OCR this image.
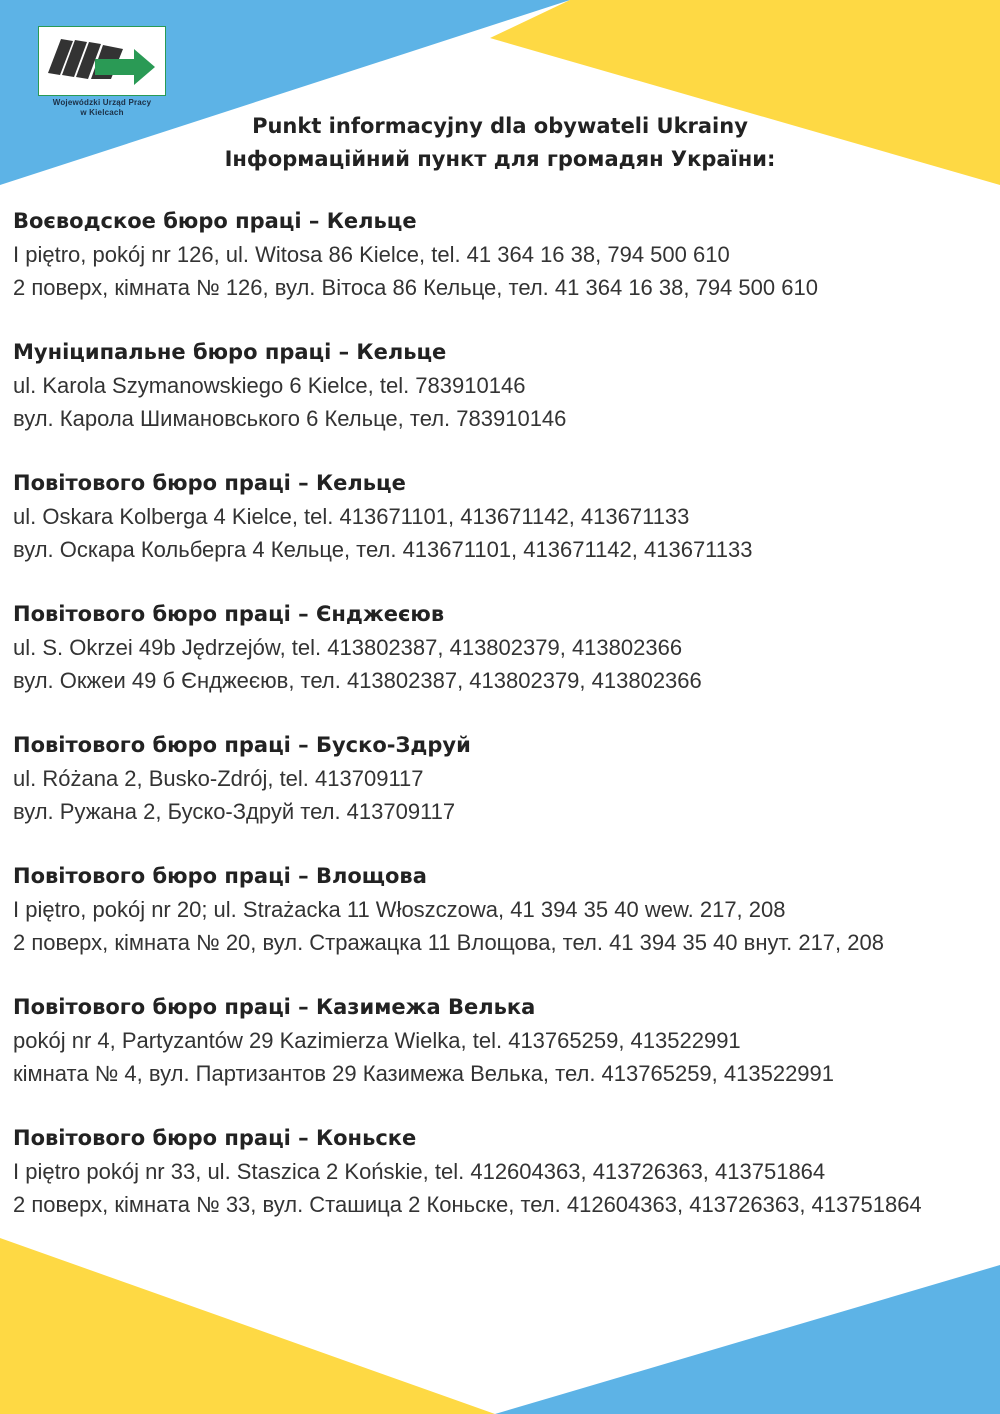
Wojewódzki Urząd Pracy
w Kielcach
Punkt informacyjny dla obywateli Ukrainy
Інформаційний пункт для громадян України:
Воєводское бюро праці – Кельце
I piętro, pokój nr 126, ul. Witosa 86 Kielce, tel. 41 364 16 38, 794 500 610
2 поверх, кімната № 126, вул. Вітоса 86 Кельце, тел. 41 364 16 38, 794 500 610
Муніципальне бюро праці – Кельце
ul. Karola Szymanowskiego 6 Kielce, tel. 783910146
вул. Карола Шимановського 6 Кельце, тел. 783910146
Повітового бюро праці – Кельце
ul. Oskara Kolberga 4 Kielce, tel. 413671101, 413671142, 413671133
вул. Оскара Кольберга 4 Кельце, тел. 413671101, 413671142, 413671133
Повітового бюро праці – Єнджеєюв
ul. S. Okrzei 49b Jędrzejów, tel. 413802387, 413802379, 413802366
вул. Окжеи 49 б Єнджеєюв, тел. 413802387, 413802379, 413802366
Повітового бюро праці – Буско-Здруй
ul. Różana 2, Busko-Zdrój, tel. 413709117
вул. Ружана 2, Буско-Здруй тел. 413709117
Повітового бюро праці – Влощова
I piętro, pokój nr 20; ul. Strażacka 11 Włoszczowa, 41 394 35 40 wew. 217, 208
2 поверх, кімната № 20, вул. Стражацка 11 Влощова, тел. 41 394 35 40 внут. 217, 208
Повітового бюро праці – Казимежа Велька
pokój nr 4, Partyzantów 29 Kazimierza Wielka, tel. 413765259, 413522991
кімната № 4, вул. Партизантов 29 Казимежа Велька, тел. 413765259, 413522991
Повітового бюро праці – Коньске
I piętro pokój nr 33, ul. Staszica 2 Końskie, tel. 412604363, 413726363, 413751864
2 поверх, кімната № 33, вул. Сташица 2 Коньске, тел. 412604363, 413726363, 413751864
